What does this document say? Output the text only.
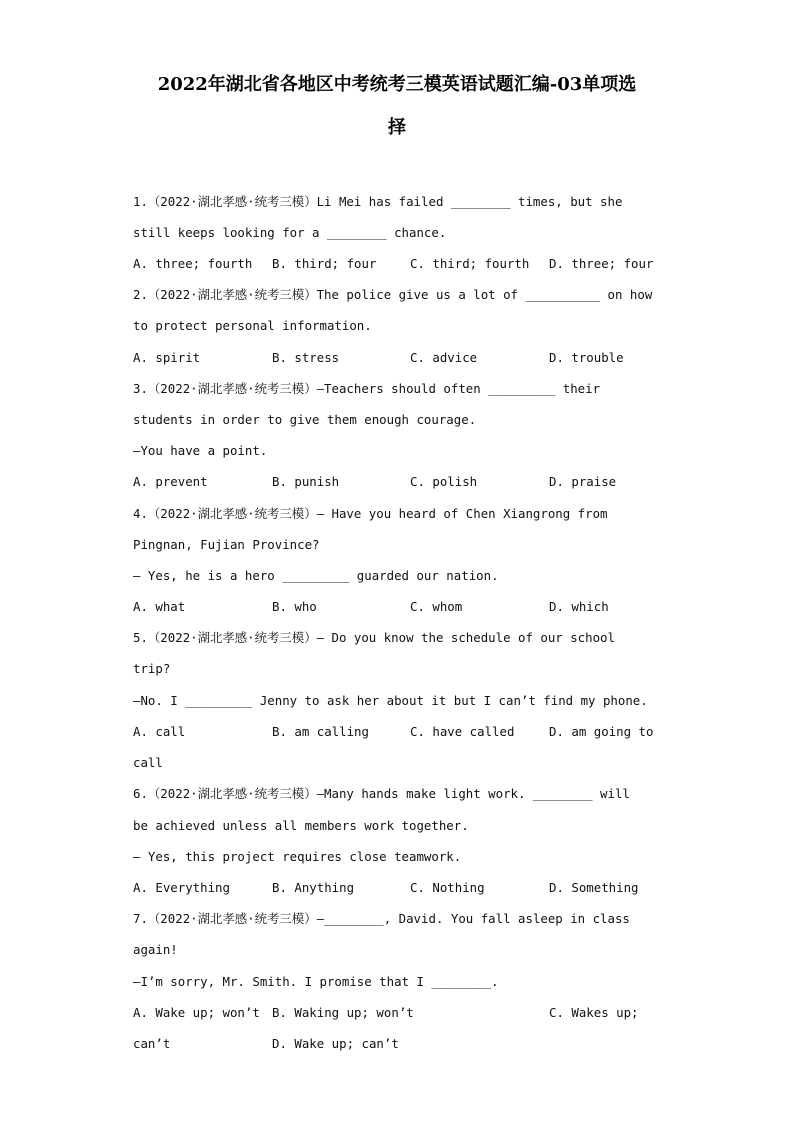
2022年湖北省各地区中考统考三模英语试题汇编-03单项选
择
1.（2022·湖北孝感·统考三模）Li Mei has failed ________ times, but she
still keeps looking for a ________ chance.
A. three; fourth B. third; four	C. third; fourth D. three; four
2.（2022·湖北孝感·统考三模）The police give us a lot of __________ on how
to protect personal information.
A. spirit	B. stress	C. advice	D. trouble
3.（2022·湖北孝感·统考三模）—Teachers should often _________ their
students in order to give them enough courage.
—You have a point.
A. prevent	B. punish	C. polish	D. praise
4.（2022·湖北孝感·统考三模）— Have you heard of Chen Xiangrong from
Pingnan, Fujian Province?
— Yes, he is a hero _________ guarded our nation.
A. what	B. who	C. whom	D. which
5.（2022·湖北孝感·统考三模）— Do you know the schedule of our school
trip?
—No. I _________ Jenny to ask her about it but I can’t find my phone.
A. call	B. am calling	C. have called	D. am going to
call
6.（2022·湖北孝感·统考三模）—Many hands make light work. ________ will
be achieved unless all members work together.
— Yes, this project requires close teamwork.
A. Everything	B. Anything	C. Nothing	D. Something
7.（2022·湖北孝感·统考三模）—________, David. You fall asleep in class
again!
—I’m sorry, Mr. Smith. I promise that I ________.
A. Wake up; won’t B. Waking up; won’t	C. Wakes up;
can’t	D. Wake up; can’t
